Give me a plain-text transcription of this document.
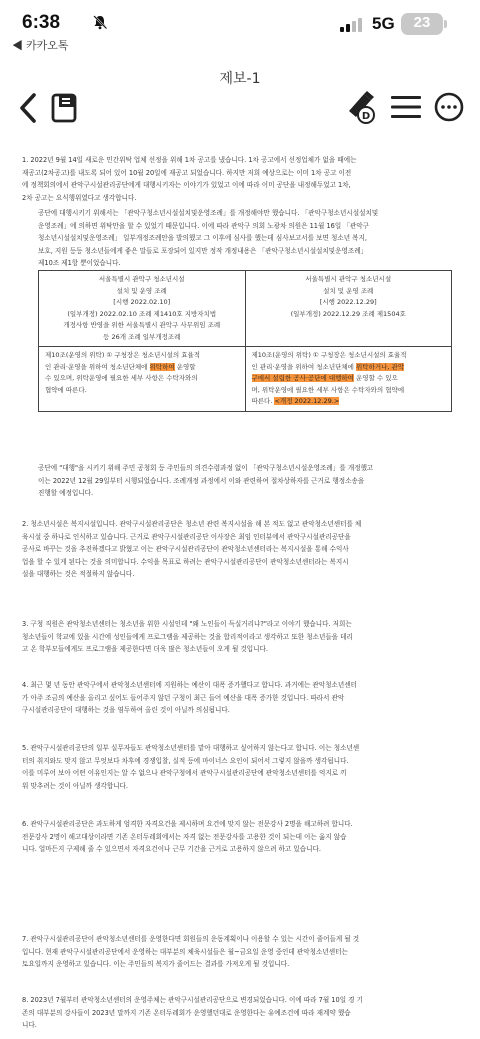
6:38
◀ 카카오톡
5G	23
제보-1
D
1. 2022년 9월 14일 새로운 민간위탁 업체 선정을 위해 1차 공고를 냈습니다. 1차 공고에서 선정업체가 없을 때에는
재공고(2차공고)를 내도록 되어 있어 10월 20일에 재공고 되었습니다. 하지만 저희 예상으로는 이미 1차 공고 이전
에 정책회의에서 관악구시설관리공단에게 대행시키자는 이야기가 있었고 이에 따라 이미 공단을 내정해두었고 1차,
2차 공고는 요식행위였다고 생각합니다.
공단에 대행시키기 위해서는 「관악구청소년시설설치및운영조례」를 개정해야만 했습니다. 「관악구청소년시설설치및
운영조례」에 의하면 위탁만을 할 수 있었기 때문입니다. 이에 따라 관악구 의회 노광차 의원은 11월 16일 「관악구
청소년시설설치및운영조례」 일부개정조례안을 발의했고 그 이후에 심사를 했는데 심사보고서를 보면 청소년 복지,
보호, 지원 등등 청소년들에게 좋은 말들로 포장되어 있지만 정작 개정내용은 「관악구청소년시설설치및운영조례」
제10조 제1항 뿐이었습니다.
서울특별시 관악구 청소년시설
설치 및 운영 조례
[시행 2022.02.10]
(일부개정) 2022.02.10 조례 제1410호 지방자치법
개정사항 반영을 위한 서울특별시 관악구 사무위임 조례
등 26개 조례 일부개정조례
서울특별시 관악구 청소년시설
설치 및 운영 조례
[시행 2022.12.29]
(일부개정) 2022.12.29 조례 제1504호
제10조(운영의 위탁) ① 구청장은 청소년시설의 효율적
인 관리·운영을 위하여 청소년단체에 위탁하여 운영할
수 있으며, 위탁운영에 필요한 세부 사항은 수탁자와의
협약에 따른다.
제10조(운영의 위탁) ① 구청장은 청소년시설의 효율적
인 관리·운영을 위하여 청소년단체에 위탁하거나, 관악
구에서 설립한 공사·공단에 대행하여 운영할 수 있으
며, 위탁운영에 필요한 세부 사항은 수탁자와의 협약에
따른다. <개정 2022.12.29.>
공단에 "대행"을 시키기 위해 주민 공청회 등 주민들의 의견수렴과정 없이 「관악구청소년시설운영조례」를 개정했고
이는 2022년 12월 29일부터 시행되었습니다. 조례개정 과정에서 이와 관련하여 절차상하자를 근거로 행정소송을
진행할 예정입니다.
2. 청소년시설은 복지시설입니다. 관악구시설관리공단은 청소년 관련 복지시설을 해 본 적도 없고 관악청소년센터를 체
육시설 중 하나로 인식하고 있습니다. 근거로 관악구시설관리공단 이사장은 최임 인터뷰에서 관악구시설관리공단을
공사로 바꾸는 것을 추진하겠다고 밝혔고 이는 관악구시설관리공단이 관악청소년센터라는 복지시설을 통해 수익사
업을 할 수 있게 된다는 것을 의미합니다. 수익을 목표로 하려는 관악구시설관리공단이 관악청소년센터라는 복지시
설을 대행하는 것은 적절하지 않습니다.
3. 구청 직원은 관악청소년센터는 청소년을 위한 시설인데 "왜 노인들이 득실거리냐?"라고 이야기 했습니다. 저희는
청소년들이 학교에 있을 시간에 성인들에게 프로그램을 제공하는 것을 합리적이라고 생각하고 또한 청소년들을 데리
고 온 학부모들에게도 프로그램을 제공한다면 더욱 많은 청소년들이 오게 될 것입니다.
4. 최근 몇 년 동안 관악구에서 관악청소년센터에 지원하는 예산이 대폭 증가했다고 합니다. 과거에는 관악청소년센터
가 아주 조금의 예산을 올리고 싶어도 들어주지 않던 구청이 최근 들어 예산을 대폭 증가한 것입니다. 따라서 관악
구시설관리공단이 대행하는 것을 염두하여 올린 것이 아닐까 의심됩니다.
5. 관악구시설관리공단의 일부 실무자들도 관악청소년센터를 맡아 대행하고 싶어하지 않는다고 합니다. 이는 청소년센
터의 취지와도 맞지 않고 무엇보다 차후에 경쟁입찰, 실적 등에 마이너스 요인이 되어서 그렇지 않을까 생각됩니다.
이를 미루어 보아 어떤 이유인지는 알 수 없으나 관악구청에서 관악구시설관리공단에 관악청소년센터를 억지로 끼
워 맞추려는 것이 아닐까 생각합니다.
6. 관악구시설관리공단은 과도하게 엄격한 자격요건을 제시하며 요건에 맞지 않는 전문강사 2명을 해고하려 합니다.
전문강사 2명이 해고대상이라면 기존 온터두레회에서는 자격 없는 전문강사를 고용한 것이 되는데 이는 옳지 않습
니다. 얼마든지 구제해 줄 수 있으면서 자격요건이나 근무 기간을 근거로 고용하지 않으려 하고 있습니다.
7. 관악구시설관리공단이 관악청소년센터를 운영한다면 회원들의 운동계획이나 이용할 수 있는 시간이 줄어들게 될 것
입니다. 현재 관악구시설관리공단에서 운영하는 대부분의 체육시설들은 월~금요일 운영 중인데 관악청소년센터는
토요일까지 운영하고 있습니다. 이는 주민들의 복지가 줄어드는 결과를 가져오게 될 것입니다.
8. 2023년 7월부터 관악청소년센터의 운영주체는 관악구시설관리공단으로 변경되었습니다. 이에 따라 7월 10일 경 기
존의 대부분의 강사들이 2023년 말까지 기존 온터두레회가 운영했던대로 운영한다는 유예조건에 따라 재계약 했습
니다.
